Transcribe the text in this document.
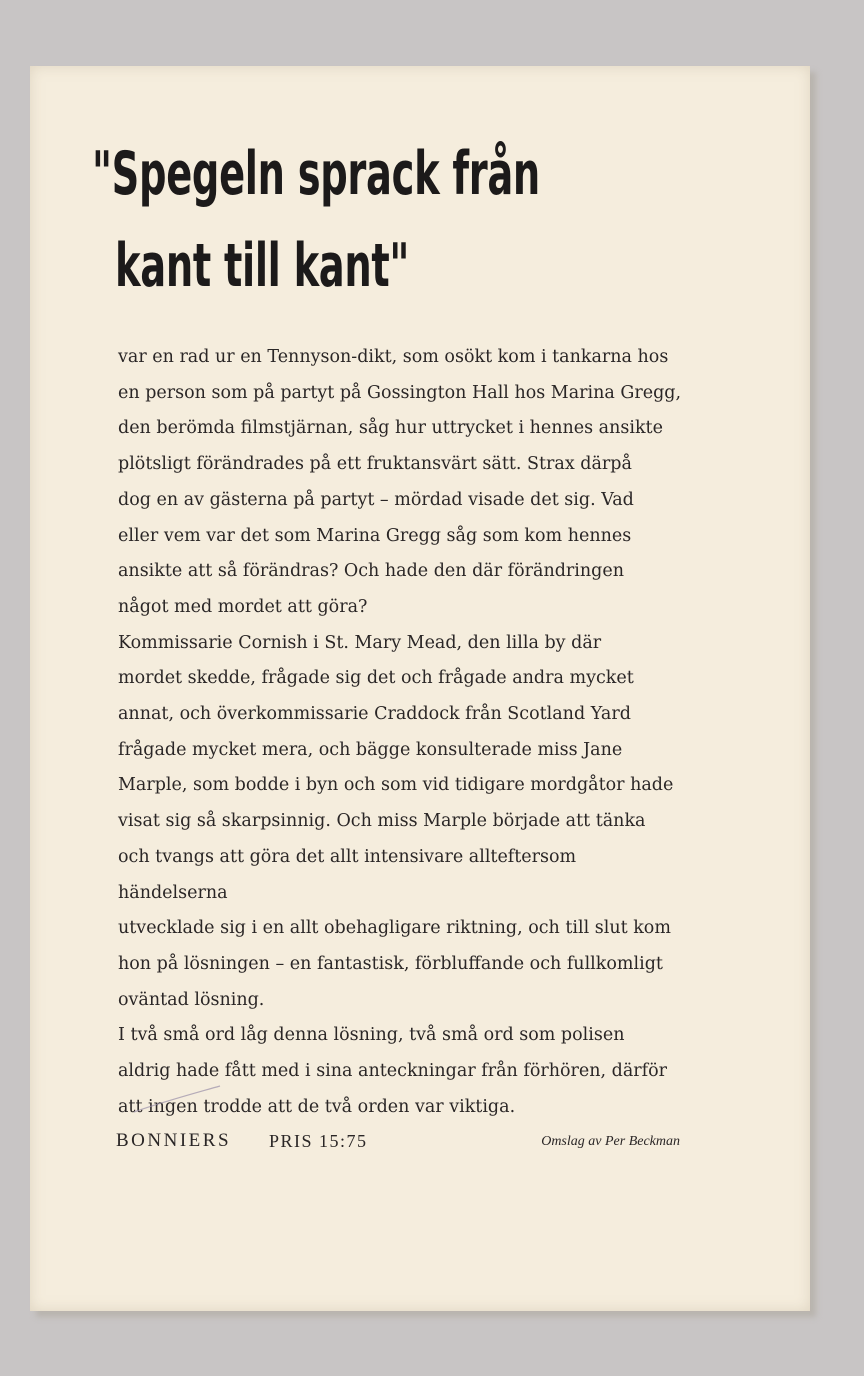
"Spegeln sprack från
kant till kant"

var en rad ur en Tennyson-dikt, som osökt kom i tankarna hos
en person som på partyt på Gossington Hall hos Marina Gregg,
den berömda filmstjärnan, såg hur uttrycket i hennes ansikte
plötsligt förändrades på ett fruktansvärt sätt. Strax därpå
dog en av gästerna på partyt – mördad visade det sig. Vad
eller vem var det som Marina Gregg såg som kom hennes
ansikte att så förändras? Och hade den där förändringen
något med mordet att göra?

Kommissarie Cornish i St. Mary Mead, den lilla by där
mordet skedde, frågade sig det och frågade andra mycket
annat, och överkommissarie Craddock från Scotland Yard
frågade mycket mera, och bägge konsulterade miss Jane
Marple, som bodde i byn och som vid tidigare mordgåtor hade
visat sig så skarpsinnig. Och miss Marple började att tänka
och tvangs att göra det allt intensivare allteftersom händelserna
utvecklade sig i en allt obehagligare riktning, och till slut kom
hon på lösningen – en fantastisk, förbluffande och fullkomligt
oväntad lösning.

I två små ord låg denna lösning, två små ord som polisen
aldrig hade fått med i sina anteckningar från förhören, därför
att ingen trodde att de två orden var viktiga.

BONNIERS PRIS 15:75	Omslag av Per Beckman
